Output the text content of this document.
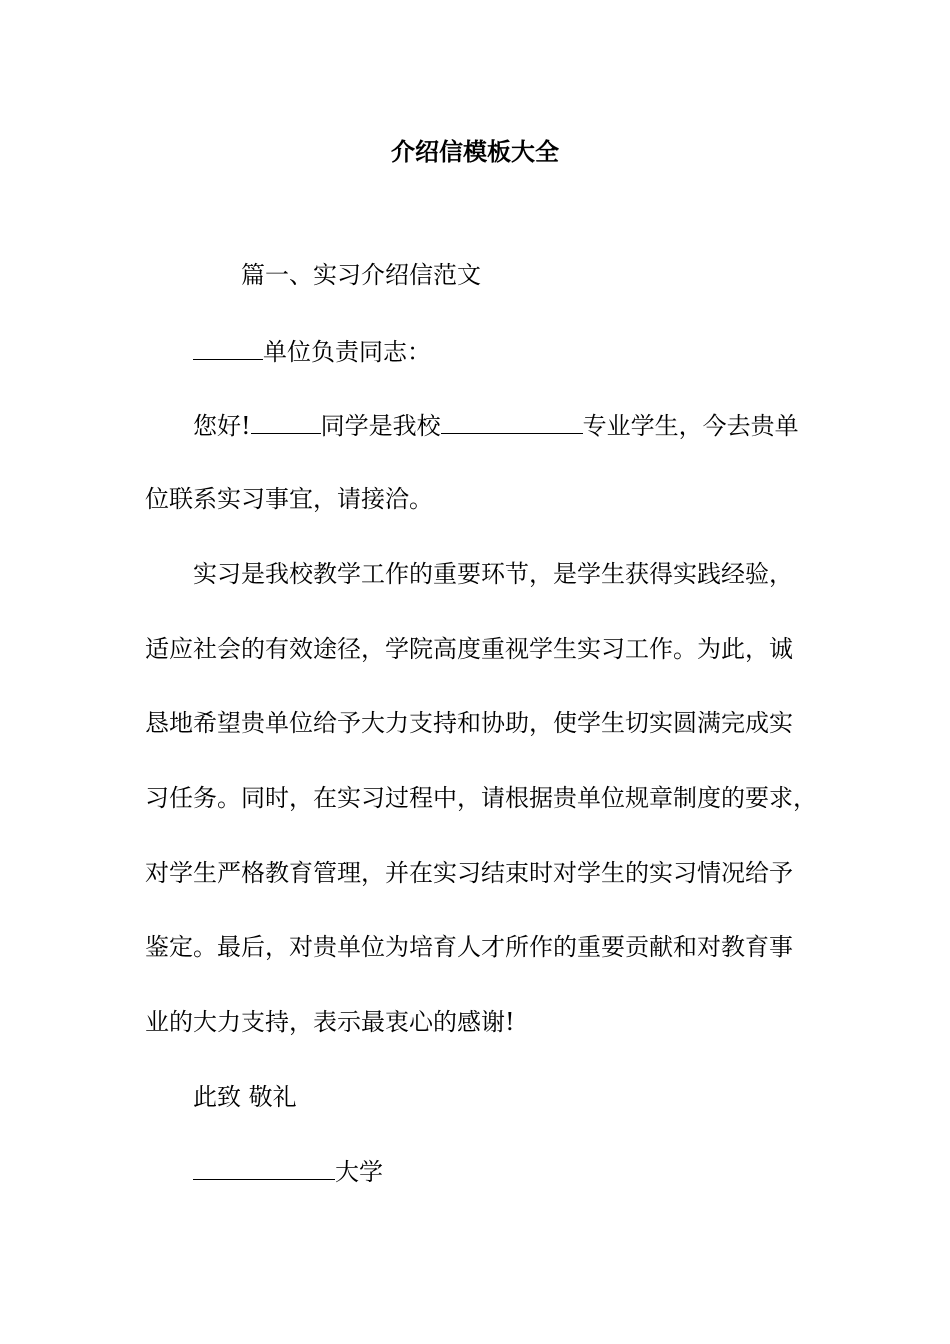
介绍信模板大全
篇一、实习介绍信范文
单位负责同志：
您好!	同学是我校	专业学生，今去贵单
位联系实习事宜，请接洽。
实习是我校教学工作的重要环节，是学生获得实践经验，
适应社会的有效途径，学院高度重视学生实习工作。为此，诚
恳地希望贵单位给予大力支持和协助，使学生切实圆满完成实
习任务。同时，在实习过程中，请根据贵单位规章制度的要求，
对学生严格教育管理，并在实习结束时对学生的实习情况给予
鉴定。最后，对贵单位为培育人才所作的重要贡献和对教育事
业的大力支持，表示最衷心的感谢!
此致 敬礼
大学
